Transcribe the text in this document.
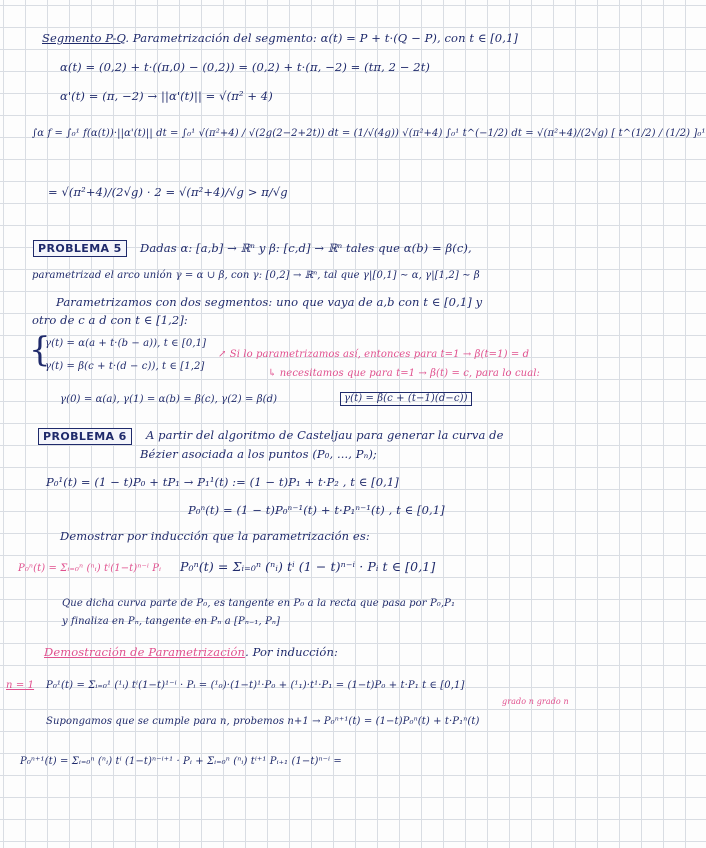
Segmento P-Q. Parametrización del segmento: α(t) = P + t·(Q − P), con t ∈ [0,1]
α(t) = (0,2) + t·((π,0) − (0,2)) = (0,2) + t·(π, −2) = (tπ, 2 − 2t)
α'(t) = (π, −2) → ||α'(t)|| = √(π² + 4)
∫α f = ∫₀¹ f(α(t))·||α'(t)|| dt = ∫₀¹ √(π²+4) / √(2g(2−2+2t)) dt = (1/√(4g)) √(π²+4) ∫₀¹ t^(−1/2) dt = √(π²+4)/(2√g) [ t^(1/2) / (1/2) ]₀¹
= √(π²+4)/(2√g) · 2 = √(π²+4)/√g > π/√g
PROBLEMA 5	Dadas α: [a,b] → ℝⁿ y β: [c,d] → ℝⁿ tales que α(b) = β(c),
parametrizad el arco unión γ = α ∪ β, con γ: [0,2] → ℝⁿ, tal que γ|[0,1] ∼ α, γ|[1,2] ∼ β
Parametrizamos con dos segmentos: uno que vaya de a,b con t ∈ [0,1] y
otro de c a d con t ∈ [1,2]:
{
γ(t) = α(a + t·(b − a)), t ∈ [0,1]
γ(t) = β(c + t·(d − c)), t ∈ [1,2]
↗ Si lo parametrizamos así, entonces para t=1 → β(t=1) = d
↳ necesitamos que para t=1 → β(t) = c, para lo cual:
γ(0) = α(a), γ(1) = α(b) = β(c), γ(2) = β(d)	γ(t) = β(c + (t−1)(d−c))
PROBLEMA 6	A partir del algoritmo de Casteljau para generar la curva de
Bézier asociada a los puntos (P₀, ..., Pₙ);
P₀¹(t) = (1 − t)P₀ + tP₁ → P₁¹(t) := (1 − t)P₁ + t·P₂ , t ∈ [0,1]
P₀ⁿ(t) = (1 − t)P₀ⁿ⁻¹(t) + t·P₁ⁿ⁻¹(t) , t ∈ [0,1]
Demostrar por inducción que la parametrización es:
P₀ⁿ(t) = Σᵢ₌₀ⁿ (ⁿᵢ) tⁱ(1−t)ⁿ⁻ⁱ Pᵢ P₀ⁿ(t) = Σᵢ₌₀ⁿ (ⁿᵢ) tⁱ (1 − t)ⁿ⁻ⁱ · Pᵢ t ∈ [0,1]
Que dicha curva parte de P₀, es tangente en P₀ a la recta que pasa por P₀,P₁
y finaliza en Pₙ, tangente en Pₙ a [Pₙ₋₁, Pₙ]
Demostración de Parametrización. Por inducción:
n = 1 P₀¹(t) = Σᵢ₌₀¹ (¹ᵢ) tⁱ(1−t)¹⁻ⁱ · Pᵢ = (¹₀)·(1−t)¹·P₀ + (¹₁)·t¹·P₁ = (1−t)P₀ + t·P₁ t ∈ [0,1]
grado n grado n
Supongamos que se cumple para n, probemos n+1 → P₀ⁿ⁺¹(t) = (1−t)P₀ⁿ(t) + t·P₁ⁿ(t)
P₀ⁿ⁺¹(t) = Σᵢ₌₀ⁿ (ⁿᵢ) tⁱ (1−t)ⁿ⁻ⁱ⁺¹ · Pᵢ + Σᵢ₌₀ⁿ (ⁿᵢ) tⁱ⁺¹ Pᵢ₊₁ (1−t)ⁿ⁻ⁱ =
